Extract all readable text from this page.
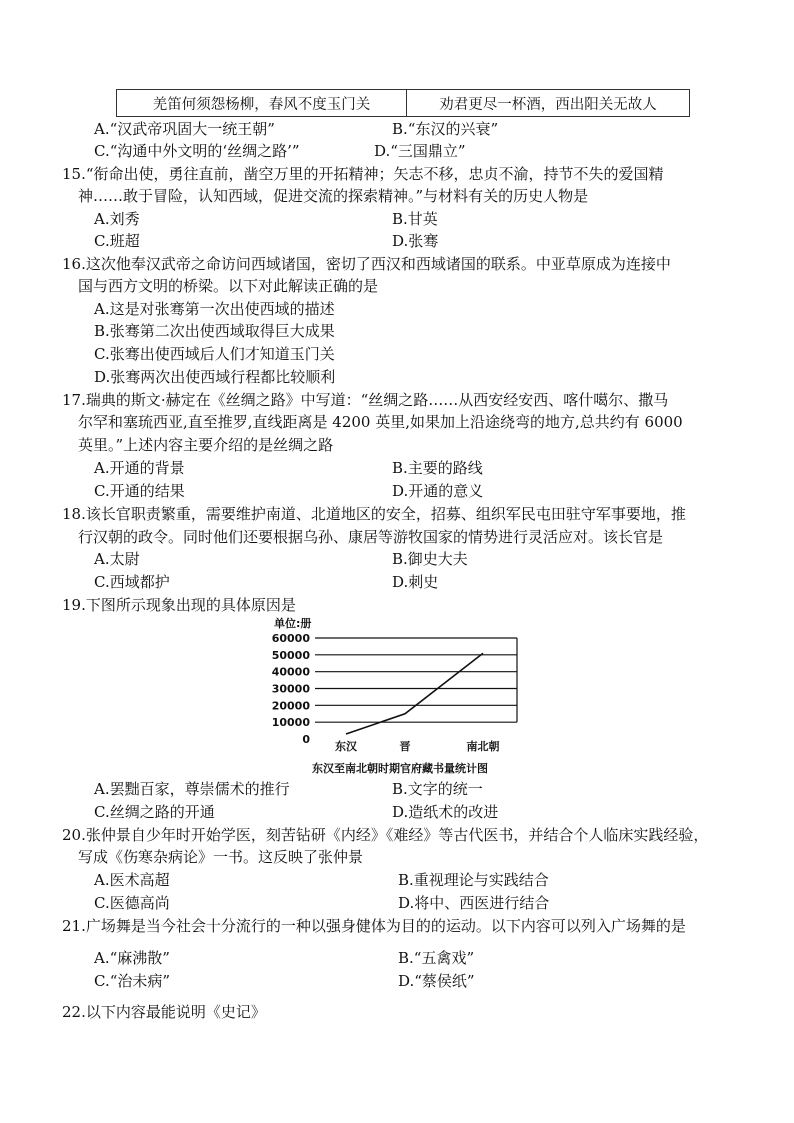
羌笛何须怨杨柳，春风不度玉门关	劝君更尽一杯酒，西出阳关无故人
A.“汉武帝巩固大一统王朝”	B.“东汉的兴衰”
C.“沟通中外文明的‘丝绸之路’”	D.“三国鼎立”
15.“衔命出使，勇往直前，凿空万里的开拓精神；矢志不移，忠贞不渝，持节不失的爱国精
神……敢于冒险，认知西域，促进交流的探索精神。”与材料有关的历史人物是
A.刘秀	B.甘英
C.班超	D.张骞
16.这次他奉汉武帝之命访问西域诸国，密切了西汉和西域诸国的联系。中亚草原成为连接中
国与西方文明的桥梁。以下对此解读正确的是
A.这是对张骞第一次出使西域的描述
B.张骞第二次出使西域取得巨大成果
C.张骞出使西域后人们才知道玉门关
D.张骞两次出使西域行程都比较顺利
17.瑞典的斯文·赫定在《丝绸之路》中写道：“丝绸之路……从西安经安西、喀什噶尔、撒马
尔罕和塞琉西亚,直至推罗,直线距离是 4200 英里,如果加上沿途绕弯的地方,总共约有 6000
英里。”上述内容主要介绍的是丝绸之路
A.开通的背景	B.主要的路线
C.开通的结果	D.开通的意义
18.该长官职责繁重，需要维护南道、北道地区的安全，招募、组织军民屯田驻守军事要地，推
行汉朝的政令。同时他们还要根据乌孙、康居等游牧国家的情势进行灵活应对。该长官是
A.太尉	B.御史大夫
C.西域都护	D.刺史
19.下图所示现象出现的具体原因是
单位:册
0
10000
20000
30000
40000
50000
60000
东汉	晋	南北朝
东汉至南北朝时期官府藏书量统计图
A.罢黜百家，尊崇儒术的推行	B.文字的统一
C.丝绸之路的开通	D.造纸术的改进
20.张仲景自少年时开始学医，刻苦钻研《内经》《难经》等古代医书，并结合个人临床实践经验，
写成《伤寒杂病论》一书。这反映了张仲景
A.医术高超	B.重视理论与实践结合
C.医德高尚	D.将中、西医进行结合
21.广场舞是当今社会十分流行的一种以强身健体为目的的运动。以下内容可以列入广场舞的是
A.“麻沸散”	B.“五禽戏”
C.“治未病”	D.“蔡侯纸”
22.以下内容最能说明《史记》
